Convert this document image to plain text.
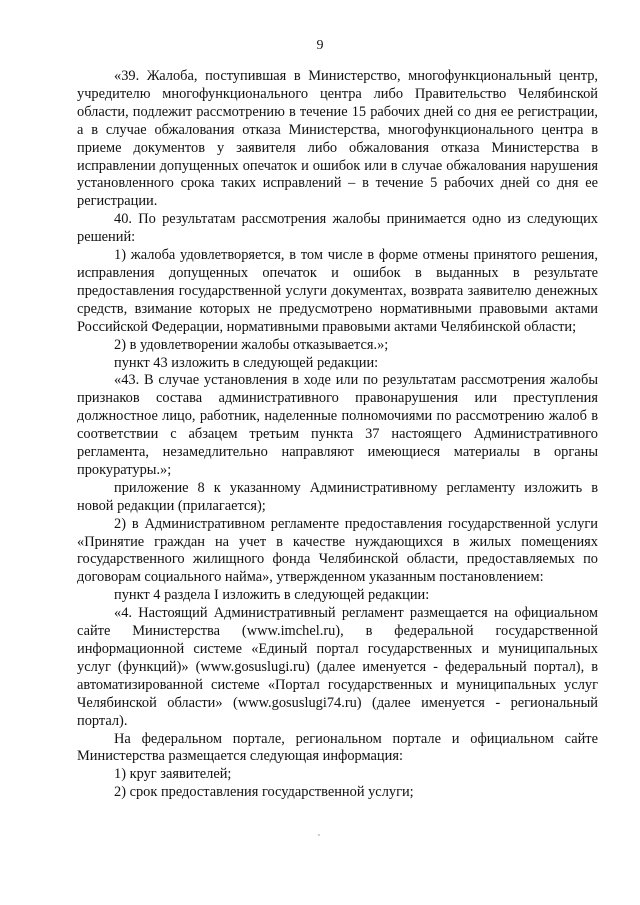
9

«39. Жалоба, поступившая в Министерство, многофункциональный центр, учредителю многофункционального центра либо Правительство Челябинской области, подлежит рассмотрению в течение 15 рабочих дней со дня ее регистрации, а в случае обжалования отказа Министерства, многофункционального центра в приеме документов у заявителя либо обжалования отказа Министерства в исправлении допущенных опечаток и ошибок или в случае обжалования нарушения установленного срока таких исправлений – в течение 5 рабочих дней со дня ее регистрации.

40. По результатам рассмотрения жалобы принимается одно из следующих решений:

1) жалоба удовлетворяется, в том числе в форме отмены принятого решения, исправления допущенных опечаток и ошибок в выданных в результате предоставления государственной услуги документах, возврата заявителю денежных средств, взимание которых не предусмотрено нормативными правовыми актами Российской Федерации, нормативными правовыми актами Челябинской области;

2) в удовлетворении жалобы отказывается.»;

пункт 43 изложить в следующей редакции:

«43. В случае установления в ходе или по результатам рассмотрения жалобы признаков состава административного правонарушения или преступления должностное лицо, работник, наделенные полномочиями по рассмотрению жалоб в соответствии с абзацем третьим пункта 37 настоящего Административного регламента, незамедлительно направляют имеющиеся материалы в органы прокуратуры.»;

приложение 8 к указанному Административному регламенту изложить в новой редакции (прилагается);

2) в Административном регламенте предоставления государственной услуги «Принятие граждан на учет в качестве нуждающихся в жилых помещениях государственного жилищного фонда Челябинской области, предоставляемых по договорам социального найма», утвержденном указанным постановлением:

пункт 4 раздела I изложить в следующей редакции:

«4. Настоящий Административный регламент размещается на официальном сайте Министерства (www.imchel.ru), в федеральной государственной информационной системе «Единый портал государственных и муниципальных услуг (функций)» (www.gosuslugi.ru) (далее именуется - федеральный портал), в автоматизированной системе «Портал государственных и муниципальных услуг Челябинской области» (www.gosuslugi74.ru) (далее именуется - региональный портал).

На федеральном портале, региональном портале и официальном сайте Министерства размещается следующая информация:

1) круг заявителей;

2) срок предоставления государственной услуги;
